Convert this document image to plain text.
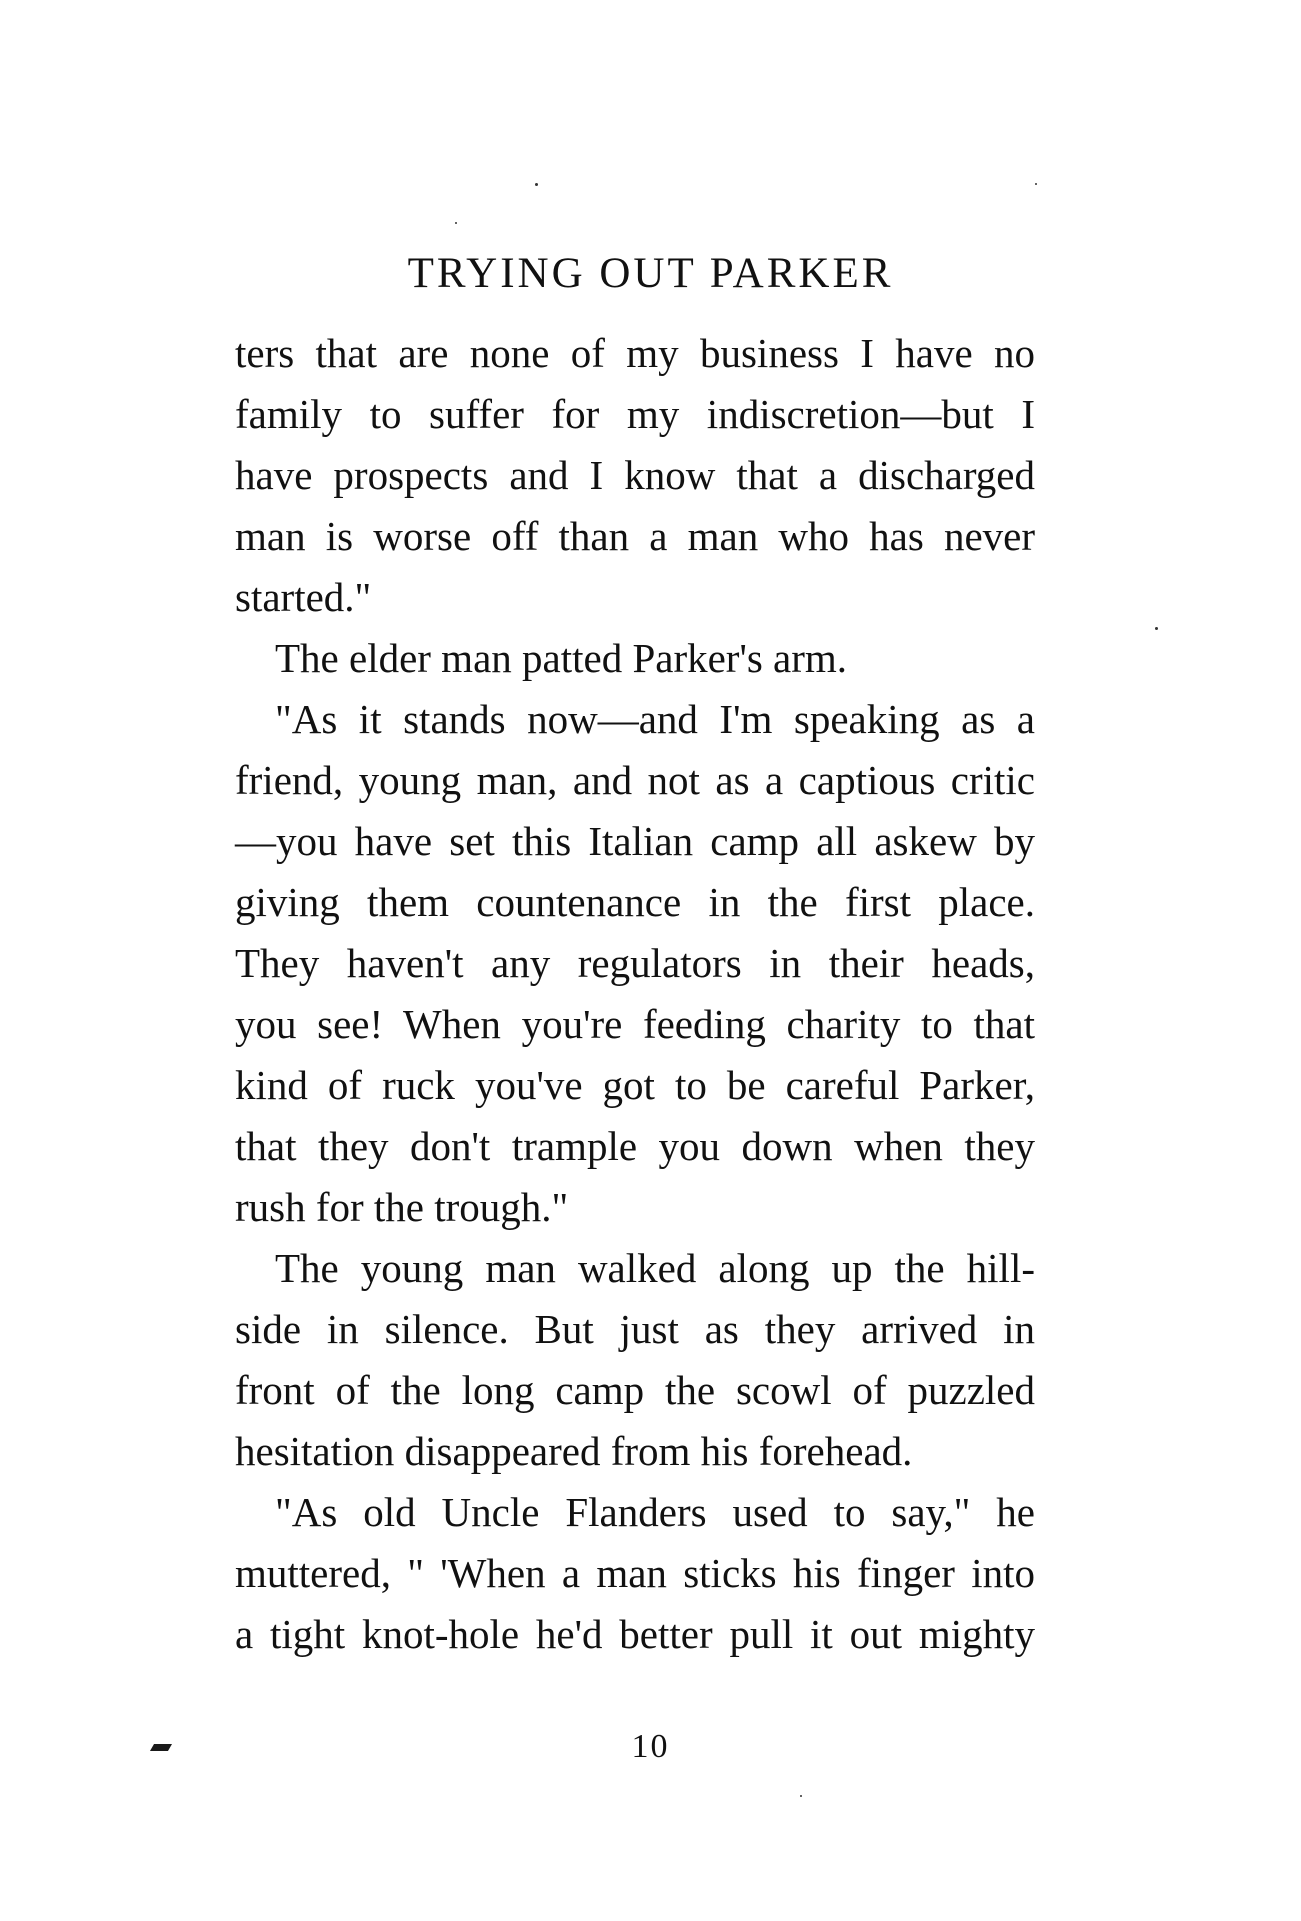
TRYING OUT PARKER
ters that are none of my business I have no
family to suffer for my indiscretion—but I
have prospects and I know that a discharged
man is worse off than a man who has never
started."
The elder man patted Parker's arm.
"As it stands now—and I'm speaking as a
friend, young man, and not as a captious critic
—you have set this Italian camp all askew by
giving them countenance in the first place.
They haven't any regulators in their heads,
you see! When you're feeding charity to that
kind of ruck you've got to be careful Parker,
that they don't trample you down when they
rush for the trough."
The young man walked along up the hill-
side in silence. But just as they arrived in
front of the long camp the scowl of puzzled
hesitation disappeared from his forehead.
"As old Uncle Flanders used to say," he
muttered, " 'When a man sticks his finger into
a tight knot-hole he'd better pull it out mighty
10
